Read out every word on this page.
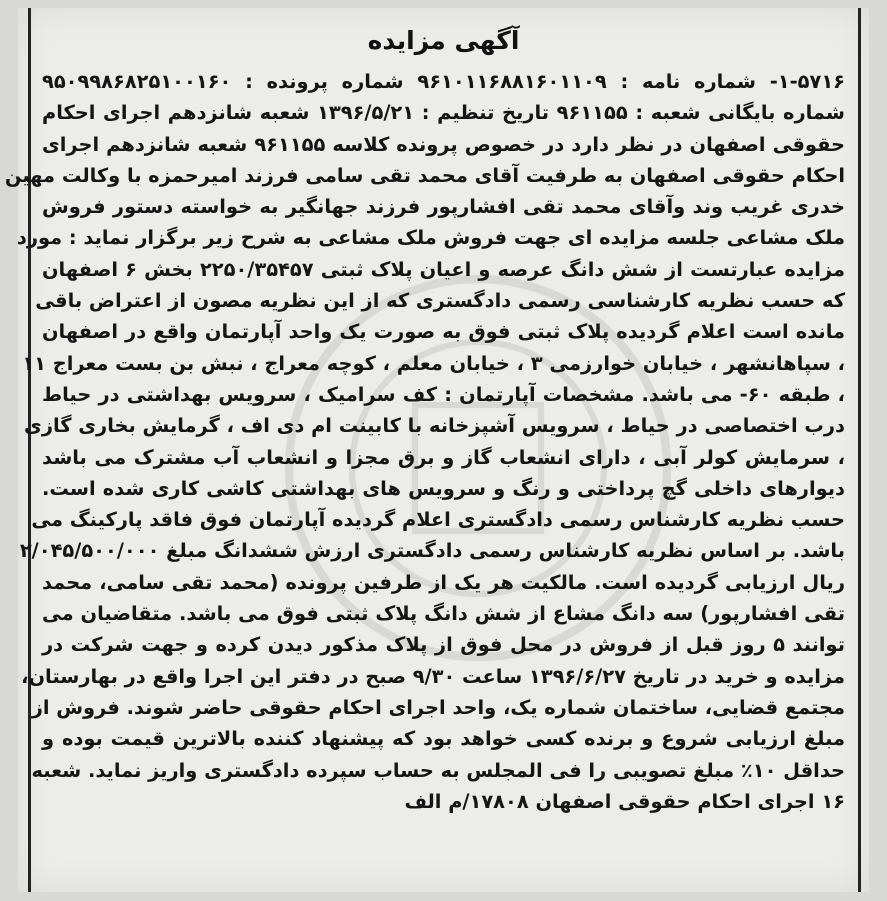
آگهی مزایده
۱-۵۷۱۶- شماره نامه : ۹۶۱۰۱۱۶۸۸۱۶۰۱۱۰۹ شماره پرونده : ۹۵۰۹۹۸۶۸۲۵۱۰۰۱۶۰
شماره بایگانی شعبه : ۹۶۱۱۵۵ تاریخ تنظیم : ۱۳۹۶/۵/۲۱ شعبه شانزدهم اجرای احکام
حقوقی اصفهان در نظر دارد در خصوص پرونده کلاسه ۹۶۱۱۵۵ شعبه شانزدهم اجرای
احکام حقوقی اصفهان به طرفیت آقای محمد تقی سامی فرزند امیرحمزه با وکالت مهین
خدری غریب وند وآقای محمد تقی افشارپور فرزند جهانگیر به خواسته دستور فروش
ملک مشاعی جلسه مزایده ای جهت فروش ملک مشاعی به شرح زیر برگزار نماید : مورد
مزایده عبارتست از شش دانگ عرصه و اعیان پلاک ثبتی ۲۲۵۰/۳۵۴۵۷ بخش ۶ اصفهان
که حسب نظریه کارشناسی رسمی دادگستری که از این نظریه مصون از اعتراض باقی
مانده است اعلام گردیده پلاک ثبتی فوق به صورت یک واحد آپارتمان واقع در اصفهان
، سپاهانشهر ، خیابان خوارزمی ۳ ، خیابان معلم ، کوچه معراج ، نبش بن بست معراج ۱۱
، طبقه ۶۰- می باشد. مشخصات آپارتمان : کف سرامیک ، سرویس بهداشتی در حیاط
درب اختصاصی در حیاط ، سرویس آشپزخانه با کابینت ام دی اف ، گرمایش بخاری گازی
، سرمایش کولر آبی ، دارای انشعاب گاز و برق مجزا و انشعاب آب مشترک می باشد
دیوارهای داخلی گچ پرداختی و رنگ و سرویس های بهداشتی کاشی کاری شده است.
حسب نظریه کارشناس رسمی دادگستری اعلام گردیده آپارتمان فوق فاقد پارکینگ می
باشد. بر اساس نظریه کارشناس رسمی دادگستری ارزش ششدانگ مبلغ ۲/۰۴۵/۵۰۰/۰۰۰
ریال ارزیابی گردیده است. مالکیت هر یک از طرفین پرونده (محمد تقی سامی، محمد
تقی افشارپور) سه دانگ مشاع از شش دانگ پلاک ثبتی فوق می باشد. متقاضیان می
توانند ۵ روز قبل از فروش در محل فوق از پلاک مذکور دیدن کرده و جهت شرکت در
مزایده و خرید در تاریخ ۱۳۹۶/۶/۲۷ ساعت ۹/۳۰ صبح در دفتر این اجرا واقع در بهارستان،
مجتمع قضایی، ساختمان شماره یک، واحد اجرای احکام حقوقی حاضر شوند. فروش از
مبلغ ارزیابی شروع و برنده کسی خواهد بود که پیشنهاد کننده بالاترین قیمت بوده و
حداقل ۱۰٪ مبلغ تصویبی را فی المجلس به حساب سپرده دادگستری واریز نماید. شعبه
۱۶ اجرای احکام حقوقی اصفهان ۱۷۸۰۸/م الف
